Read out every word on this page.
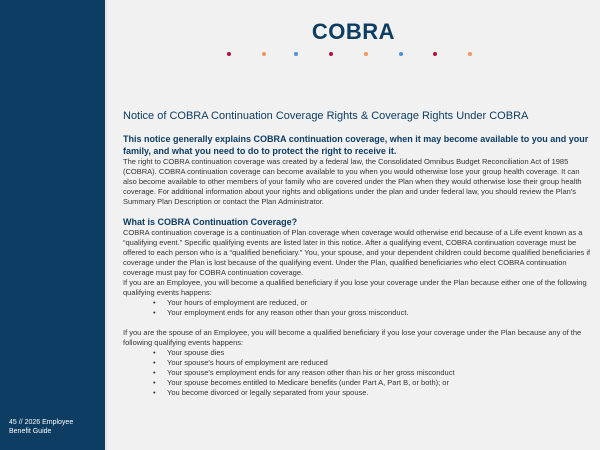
45 // 2026 Employee Benefit Guide
COBRA
Notice of COBRA Continuation Coverage Rights & Coverage Rights Under COBRA
This notice generally explains COBRA continuation coverage, when it may become available to you and your family, and what you need to do to protect the right to receive it.

The right to COBRA continuation coverage was created by a federal law, the Consolidated Omnibus Budget Reconciliation Act of 1985 (COBRA). COBRA continuation coverage can become available to you when you would otherwise lose your group health coverage. It can also become available to other members of your family who are covered under the Plan when they would otherwise lose their group health coverage. For additional information about your rights and obligations under the plan and under federal law, you should review the Plan's Summary Plan Description or contact the Plan Administrator.

What is COBRA Continuation Coverage?

COBRA continuation coverage is a continuation of Plan coverage when coverage would otherwise end because of a Life event known as a “qualifying event.” Specific qualifying events are listed later in this notice. After a qualifying event, COBRA continuation coverage must be offered to each person who is a “qualified beneficiary.” You, your spouse, and your dependent children could become qualified beneficiaries if coverage under the Plan is lost because of the qualifying event. Under the Plan, qualified beneficiaries who elect COBRA continuation coverage must pay for COBRA continuation coverage.

If you are an Employee, you will become a qualified beneficiary if you lose your coverage under the Plan because either one of the following qualifying events happens:

• Your hours of employment are reduced, or
• Your employment ends for any reason other than your gross misconduct.

If you are the spouse of an Employee, you will become a qualified beneficiary if you lose your coverage under the Plan because any of the following qualifying events happens:

• Your spouse dies
• Your spouse's hours of employment are reduced
• Your spouse's employment ends for any reason other than his or her gross misconduct
• Your spouse becomes entitled to Medicare benefits (under Part A, Part B, or both); or
• You become divorced or legally separated from your spouse.
